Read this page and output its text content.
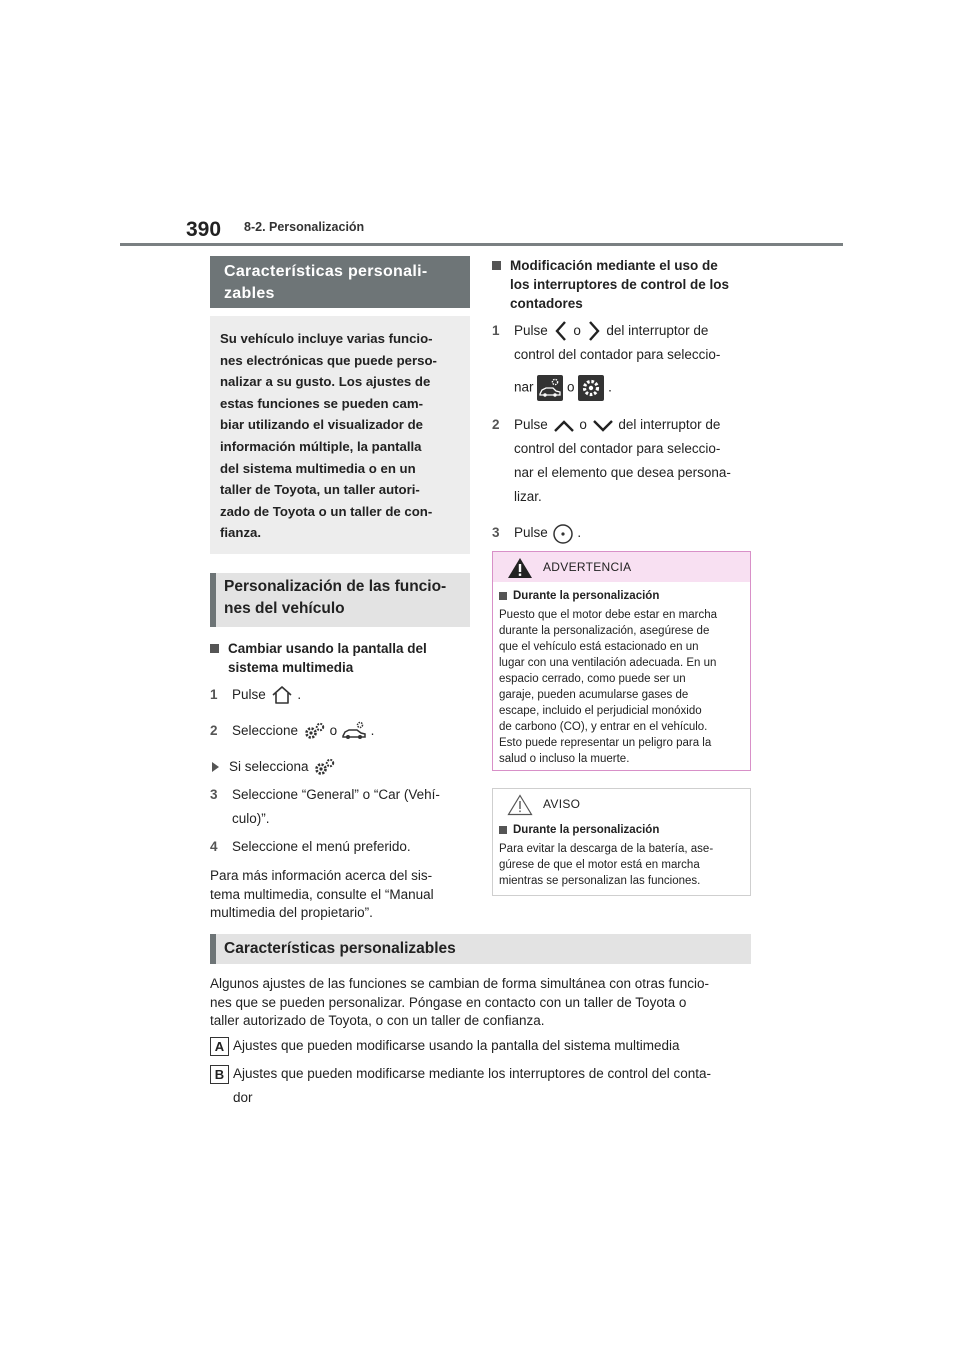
390 8-2. Personalización
Características personali-
zables
Su vehículo incluye varias funcio-
nes electrónicas que puede perso-
nalizar a su gusto. Los ajustes de
estas funciones se pueden cam-
biar utilizando el visualizador de
información múltiple, la pantalla
del sistema multimedia o en un
taller de Toyota, un taller autori-
zado de Toyota o un taller de con-
fianza.
Personalización de las funcio-
nes del vehículo
Cambiar usando la pantalla del
sistema multimedia
1	Pulse .
2	Seleccione o .
Si selecciona
3	Seleccione “General” o “Car (Vehí-
culo)”.
4	Seleccione el menú preferido.
Para más información acerca del sis-
tema multimedia, consulte el “Manual
multimedia del propietario”.
Modificación mediante el uso de
los interruptores de control de los
contadores
1	Pulse o del interruptor de
control del contador para seleccio-
nar o .
2	Pulse o del interruptor de
control del contador para seleccio-
nar el elemento que desea persona-
lizar.
3	Pulse .
ADVERTENCIA
Durante la personalización
Puesto que el motor debe estar en marcha
durante la personalización, asegúrese de
que el vehículo está estacionado en un
lugar con una ventilación adecuada. En un
espacio cerrado, como puede ser un
garaje, pueden acumularse gases de
escape, incluido el perjudicial monóxido
de carbono (CO), y entrar en el vehículo.
Esto puede representar un peligro para la
salud o incluso la muerte.
AVISO
Durante la personalización
Para evitar la descarga de la batería, ase-
gúrese de que el motor está en marcha
mientras se personalizan las funciones.
Características personalizables
Algunos ajustes de las funciones se cambian de forma simultánea con otras funcio-
nes que se pueden personalizar. Póngase en contacto con un taller de Toyota o
taller autorizado de Toyota, o con un taller de confianza.
A Ajustes que pueden modificarse usando la pantalla del sistema multimedia
B Ajustes que pueden modificarse mediante los interruptores de control del conta-
dor
